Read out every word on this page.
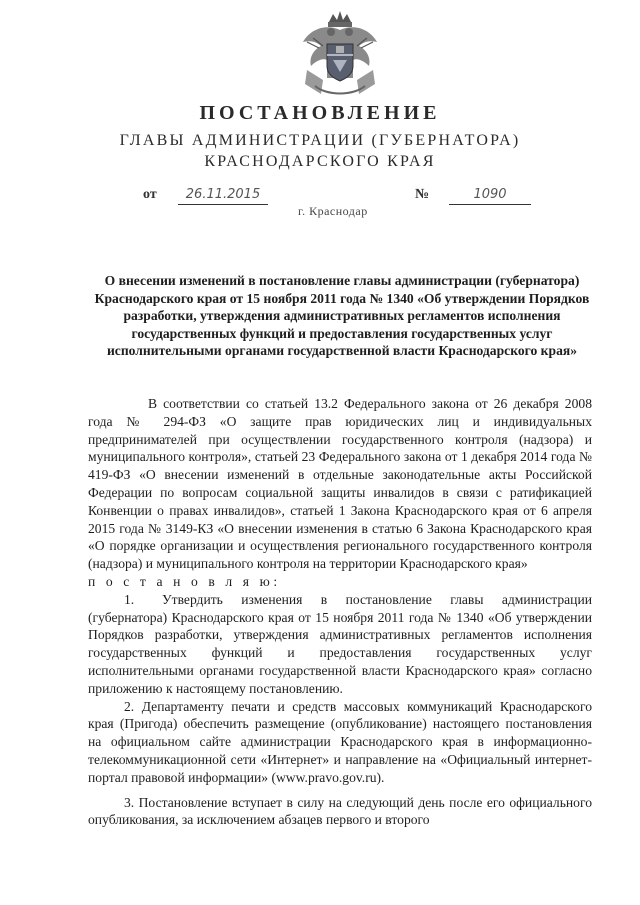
ПОСТАНОВЛЕНИЕ
ГЛАВЫ АДМИНИСТРАЦИИ (ГУБЕРНАТОРА)
КРАСНОДАРСКОГО КРАЯ
от	26.11.2015	№	1090
г. Краснодар
О внесении изменений в постановление главы администрации (губернатора) Краснодарского края от 15 ноября 2011 года № 1340 «Об утверждении Порядков разработки, утверждения административных регламентов исполнения государственных функций и предоставления государственных услуг исполнительными органами государственной власти Краснодарского края»

В соответствии со статьей 13.2 Федерального закона от 26 декабря 2008 года № 294-ФЗ «О защите прав юридических лиц и индивидуальных предпринимателей при осуществлении государственного контроля (надзора) и муниципального контроля», статьей 23 Федерального закона от 1 декабря 2014 года № 419-ФЗ «О внесении изменений в отдельные законодательные акты Российской Федерации по вопросам социальной защиты инвалидов в связи с ратификацией Конвенции о правах инвалидов», статьей 1 Закона Краснодарского края от 6 апреля 2015 года № 3149-КЗ «О внесении изменения в статью 6 Закона Краснодарского края «О порядке организации и осуществления регионального государственного контроля (надзора) и муниципального контроля на территории Краснодарского края»

п о с т а н о в л я ю:

1. Утвердить изменения в постановление главы администрации (губернатора) Краснодарского края от 15 ноября 2011 года № 1340 «Об утверждении Порядков разработки, утверждения административных регламентов исполнения государственных функций и предоставления государственных услуг исполнительными органами государственной власти Краснодарского края» согласно приложению к настоящему постановлению.

2. Департаменту печати и средств массовых коммуникаций Краснодарского края (Пригода) обеспечить размещение (опубликование) настоящего постановления на официальном сайте администрации Краснодарского края в информационно-телекоммуникационной сети «Интернет» и направление на «Официальный интернет-портал правовой информации» (www.pravo.gov.ru).

3. Постановление вступает в силу на следующий день после его официального опубликования, за исключением абзацев первого и второго
